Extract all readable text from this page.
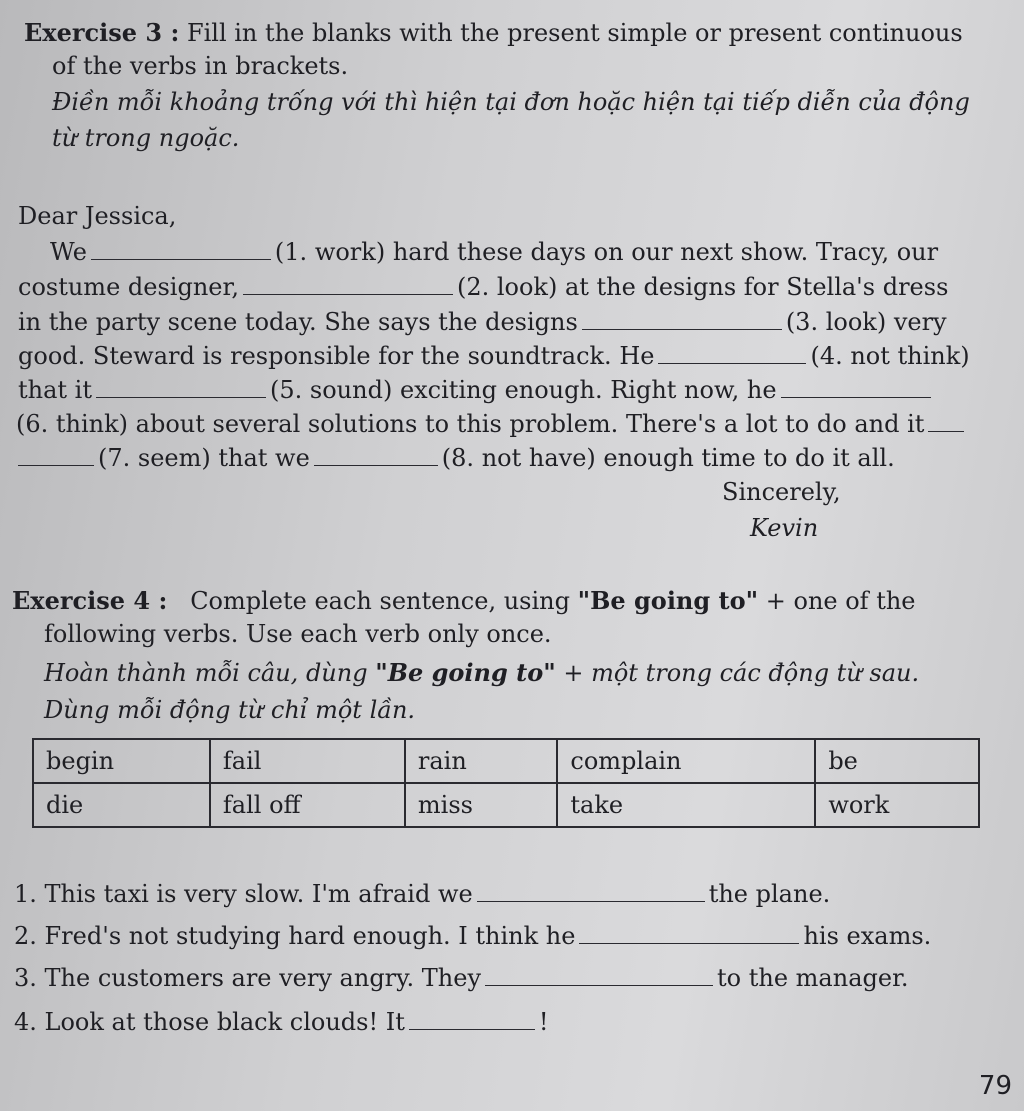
Exercise 3 : Fill in the blanks with the present simple or present continuous
of the verbs in brackets.
Điền mỗi khoảng trống với thì hiện tại đơn hoặc hiện tại tiếp diễn của động
từ trong ngoặc.
Dear Jessica,
We	(1. work) hard these days on our next show. Tracy, our
costume designer,	(2. look) at the designs for Stella's dress
in the party scene today. She says the designs	(3. look) very
good. Steward is responsible for the soundtrack. He	(4. not think)
that it	(5. sound) exciting enough. Right now, he
(6. think) about several solutions to this problem. There's a lot to do and it
(7. seem) that we	(8. not have) enough time to do it all.
Sincerely,
Kevin
Exercise 4 : Complete each sentence, using "Be going to" + one of the
following verbs. Use each verb only once.
Hoàn thành mỗi câu, dùng "Be going to" + một trong các động từ sau.
Dùng mỗi động từ chỉ một lần.
begin	fail	rain	complain	be
die	fall off	miss	take	work
1. This taxi is very slow. I'm afraid we	the plane.
2. Fred's not studying hard enough. I think he	his exams.
3. The customers are very angry. They	to the manager.
4. Look at those black clouds! It	!
79
